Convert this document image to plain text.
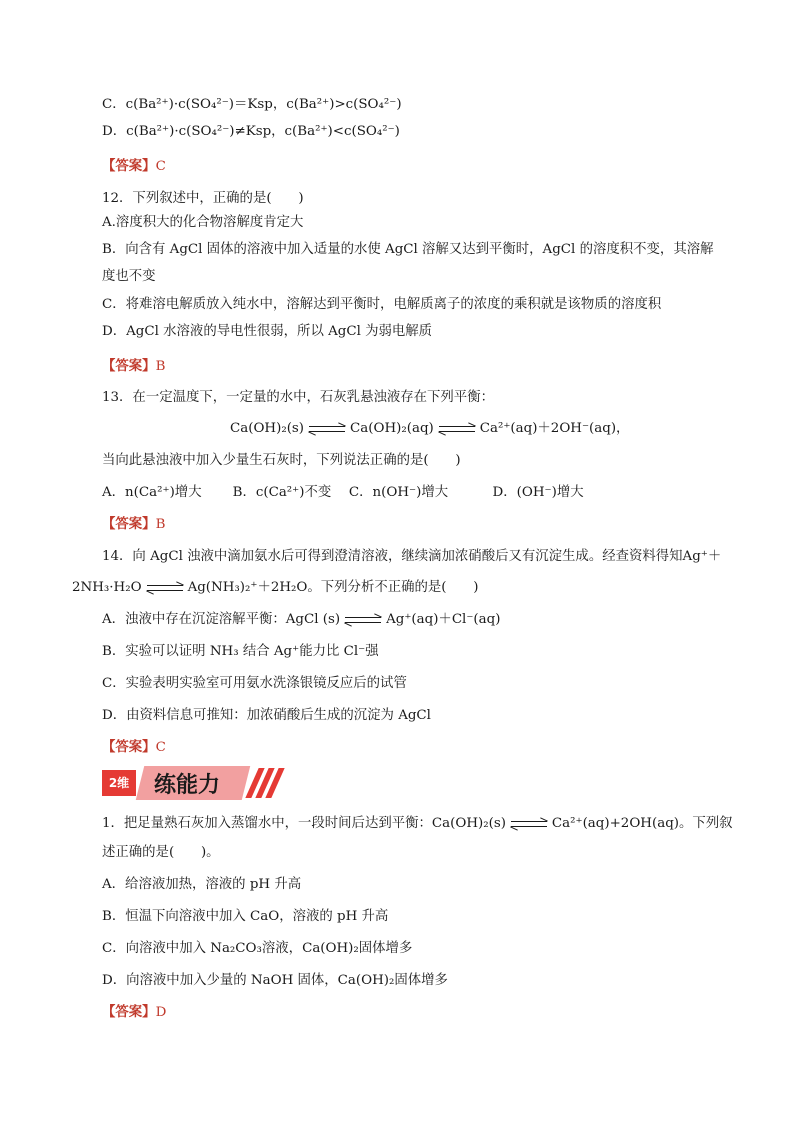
C．c(Ba²⁺)·c(SO₄²⁻)＝Ksp，c(Ba²⁺)>c(SO₄²⁻)
D．c(Ba²⁺)·c(SO₄²⁻)≠Ksp，c(Ba²⁺)<c(SO₄²⁻)
【答案】C
12．下列叙述中，正确的是(　　)
A.溶度积大的化合物溶解度肯定大
B．向含有 AgCl 固体的溶液中加入适量的水使 AgCl 溶解又达到平衡时，AgCl 的溶度积不变，其溶解
度也不变
C．将难溶电解质放入纯水中，溶解达到平衡时，电解质离子的浓度的乘积就是该物质的溶度积
D．AgCl 水溶液的导电性很弱，所以 AgCl 为弱电解质
【答案】B
13．在一定温度下，一定量的水中，石灰乳悬浊液存在下列平衡：
Ca(OH)₂(s)	Ca(OH)₂(aq)	Ca²⁺(aq)＋2OH⁻(aq)，
当向此悬浊液中加入少量生石灰时，下列说法正确的是(　　)
A．n(Ca²⁺)增大　　 B．c(Ca²⁺)不变　 C．n(OH⁻)增大　　　 D．(OH⁻)增大
【答案】B
14．向 AgCl 浊液中滴加氨水后可得到澄清溶液，继续滴加浓硝酸后又有沉淀生成。经查资料得知Ag⁺＋
2NH₃·H₂O	Ag(NH₃)₂⁺＋2H₂O。下列分析不正确的是(　　)
A．浊液中存在沉淀溶解平衡：AgCl (s)	Ag⁺(aq)＋Cl⁻(aq)
B．实验可以证明 NH₃ 结合 Ag⁺能力比 Cl⁻强
C．实验表明实验室可用氨水洗涤银镜反应后的试管
D．由资料信息可推知：加浓硝酸后生成的沉淀为 AgCl
【答案】C
2维	练能力
1．把足量熟石灰加入蒸馏水中，一段时间后达到平衡：Ca(OH)₂(s)	Ca²⁺(aq)+2OH(aq)。下列叙
述正确的是(　　)。
A．给溶液加热，溶液的 pH 升高
B．恒温下向溶液中加入 CaO，溶液的 pH 升高
C．向溶液中加入 Na₂CO₃溶液，Ca(OH)₂固体增多
D．向溶液中加入少量的 NaOH 固体，Ca(OH)₂固体增多
【答案】D
